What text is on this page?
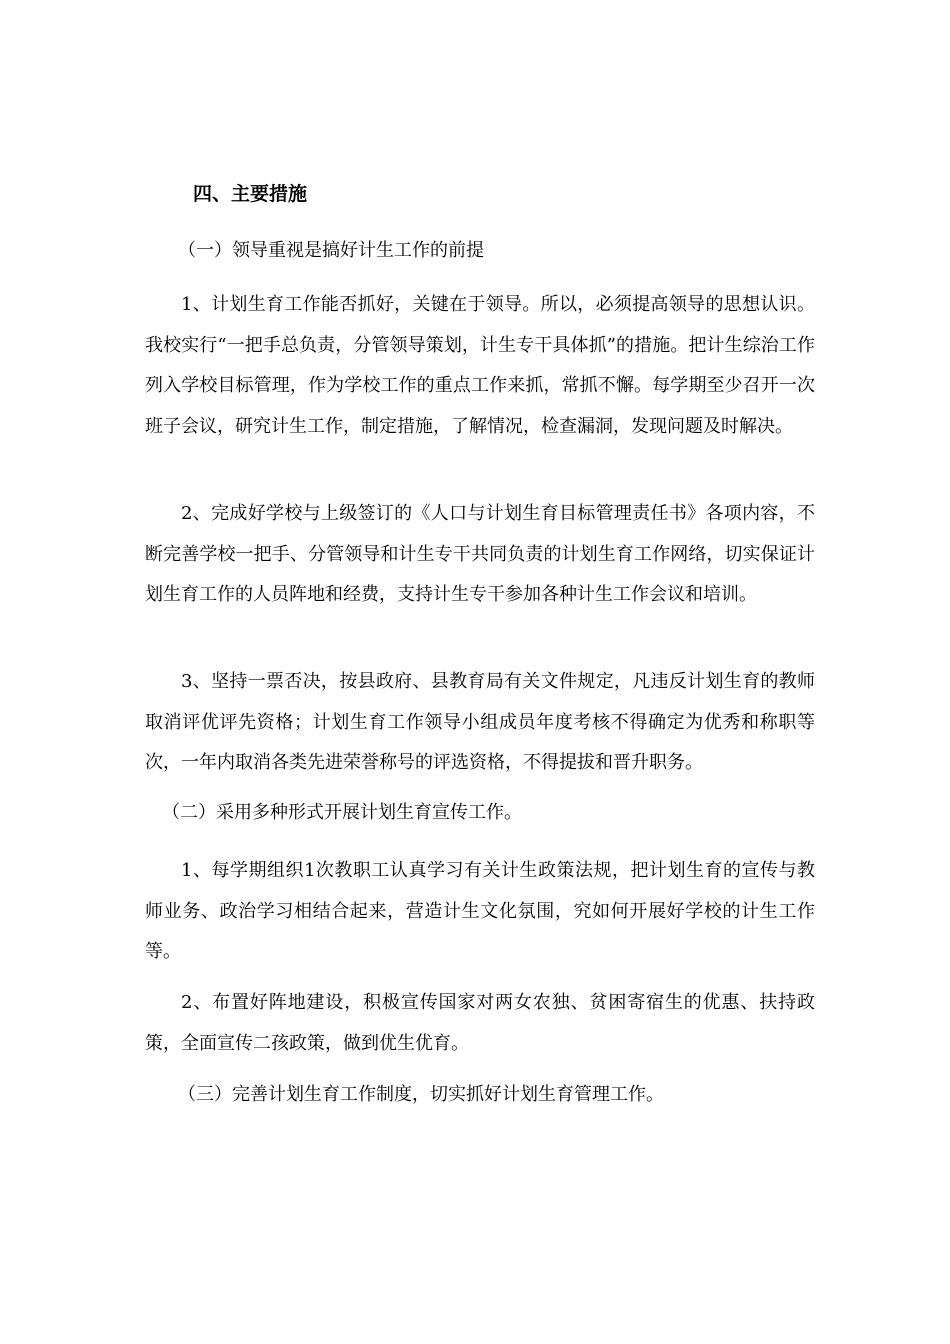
四、主要措施
（一）领导重视是搞好计生工作的前提

1、计划生育工作能否抓好，关键在于领导。所以，必须提高领导的思想认识。我校实行“一把手总负责，分管领导策划，计生专干具体抓”的措施。把计生综治工作列入学校目标管理，作为学校工作的重点工作来抓，常抓不懈。每学期至少召开一次班子会议，研究计生工作，制定措施，了解情况，检查漏洞，发现问题及时解决。

2、完成好学校与上级签订的《人口与计划生育目标管理责任书》各项内容，不断完善学校一把手、分管领导和计生专干共同负责的计划生育工作网络，切实保证计划生育工作的人员阵地和经费，支持计生专干参加各种计生工作会议和培训。

3、坚持一票否决，按县政府、县教育局有关文件规定，凡违反计划生育的教师取消评优评先资格；计划生育工作领导小组成员年度考核不得确定为优秀和称职等次，一年内取消各类先进荣誉称号的评选资格，不得提拔和晋升职务。

（二）采用多种形式开展计划生育宣传工作。

1、每学期组织1次教职工认真学习有关计生政策法规，把计划生育的宣传与教师业务、政治学习相结合起来，营造计生文化氛围，究如何开展好学校的计生工作等。

2、布置好阵地建设，积极宣传国家对两女农独、贫困寄宿生的优惠、扶持政策，全面宣传二孩政策，做到优生优育。

（三）完善计划生育工作制度，切实抓好计划生育管理工作。
